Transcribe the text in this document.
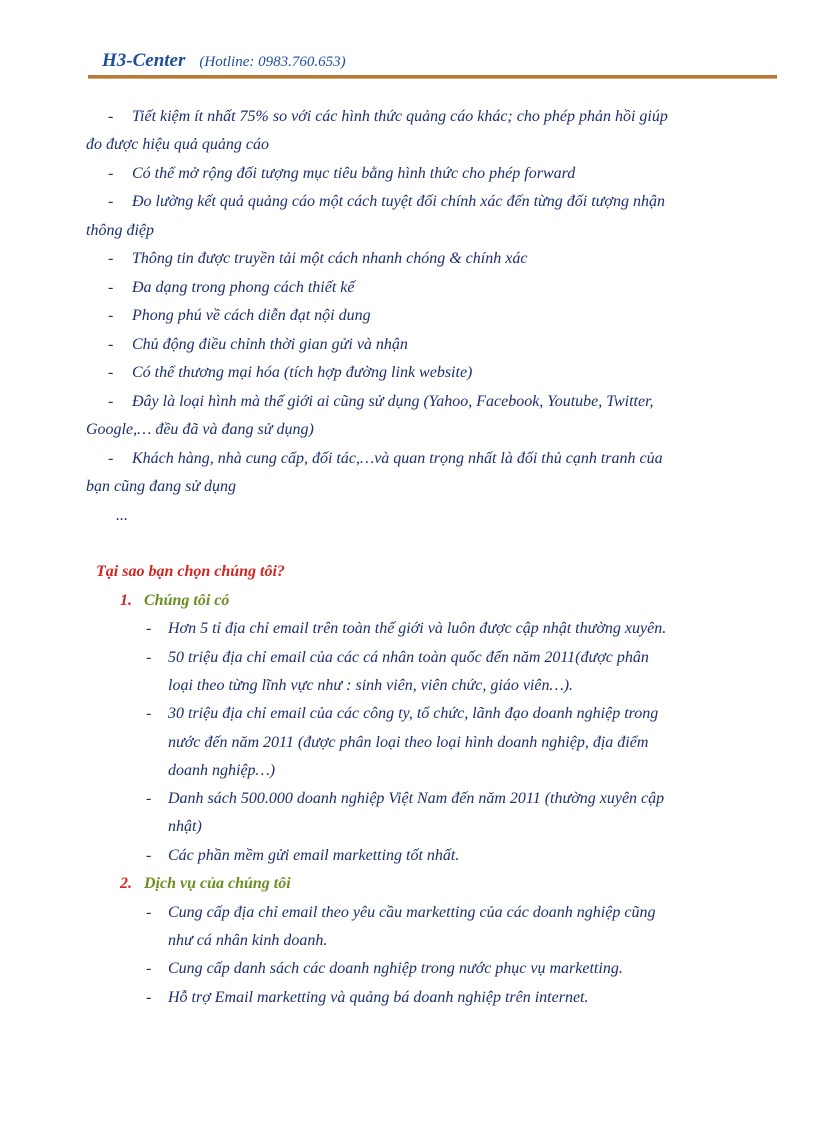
H3-Center (Hotline: 0983.760.653)
- Tiết kiệm ít nhất 75% so với các hình thức quảng cáo khác; cho phép phản hồi giúp
đo được hiệu quả quảng cáo
- Có thể mở rộng đối tượng mục tiêu bằng hình thức cho phép forward
- Đo lường kết quả quảng cáo một cách tuyệt đối chính xác đến từng đối tượng nhận
thông điệp
- Thông tin được truyền tải một cách nhanh chóng & chính xác
- Đa dạng trong phong cách thiết kế
- Phong phú về cách diễn đạt nội dung
- Chủ động điều chỉnh thời gian gửi và nhận
- Có thể thương mại hóa (tích hợp đường link website)
- Đây là loại hình mà thế giới ai cũng sử dụng (Yahoo, Facebook, Youtube, Twitter,
Google,… đều đã và đang sử dụng)
- Khách hàng, nhà cung cấp, đối tác,…và quan trọng nhất là đối thủ cạnh tranh của
bạn cũng đang sử dụng
...
Tại sao bạn chọn chúng tôi?
1. Chúng tôi có
- Hơn 5 tỉ địa chỉ email trên toàn thế giới và luôn được cập nhật thường xuyên.
- 50 triệu địa chỉ email của các cá nhân toàn quốc đến năm 2011(được phân
loại theo từng lĩnh vực như : sinh viên, viên chức, giáo viên…).
- 30 triệu địa chỉ email của các công ty, tổ chức, lãnh đạo doanh nghiệp trong
nước đến năm 2011 (được phân loại theo loại hình doanh nghiệp, địa điểm
doanh nghiệp…)
- Danh sách 500.000 doanh nghiệp Việt Nam đến năm 2011 (thường xuyên cập
nhật)
- Các phần mềm gửi email marketting tốt nhất.
2. Dịch vụ của chúng tôi
- Cung cấp địa chỉ email theo yêu cầu marketting của các doanh nghiệp cũng
như cá nhân kinh doanh.
- Cung cấp danh sách các doanh nghiệp trong nước phục vụ marketting.
- Hỗ trợ Email marketting và quảng bá doanh nghiệp trên internet.
